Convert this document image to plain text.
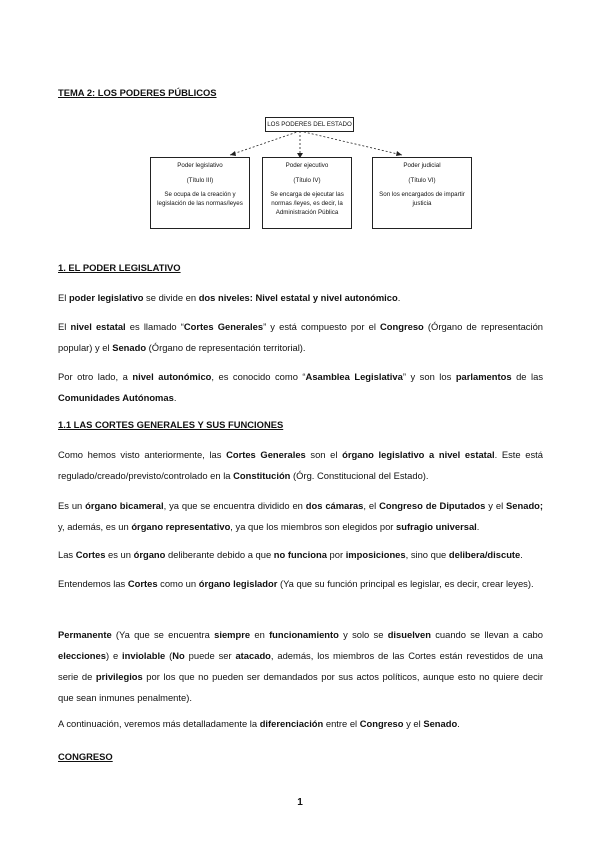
TEMA 2: LOS PODERES PÚBLICOS
LOS PODERES DEL ESTADO
Poder legislativo
(Título III)
Se ocupa de la creación y
legislación de las normas/leyes
Poder ejecutivo
(Título IV)
Se encarga de ejecutar las
normas /leyes, es decir, la
Administración Pública
Poder judicial
(Título VI)
Son los encargados de impartir
justicia
1. EL PODER LEGISLATIVO

El poder legislativo se divide en dos niveles: Nivel estatal y nivel autonómico.

El nivel estatal es llamado “Cortes Generales” y está compuesto por el Congreso (Órgano de representación popular) y el Senado (Órgano de representación territorial).

Por otro lado, a nivel autonómico, es conocido como “Asamblea Legislativa” y son los parlamentos de las Comunidades Autónomas.

1.1 LAS CORTES GENERALES Y SUS FUNCIONES

Como hemos visto anteriormente, las Cortes Generales son el órgano legislativo a nivel estatal. Este está regulado/creado/previsto/controlado en la Constitución (Órg. Constitucional del Estado).

Es un órgano bicameral, ya que se encuentra dividido en dos cámaras, el Congreso de Diputados y el Senado; y, además, es un órgano representativo, ya que los miembros son elegidos por sufragio universal.

Las Cortes es un órgano deliberante debido a que no funciona por imposiciones, sino que delibera/discute.

Entendemos las Cortes como un órgano legislador (Ya que su función principal es legislar, es decir, crear leyes).

Permanente (Ya que se encuentra siempre en funcionamiento y solo se disuelven cuando se llevan a cabo elecciones) e inviolable (No puede ser atacado, además, los miembros de las Cortes están revestidos de una serie de privilegios por los que no pueden ser demandados por sus actos políticos, aunque esto no quiere decir que sean inmunes penalmente).

A continuación, veremos más detalladamente la diferenciación entre el Congreso y el Senado.

CONGRESO
1
